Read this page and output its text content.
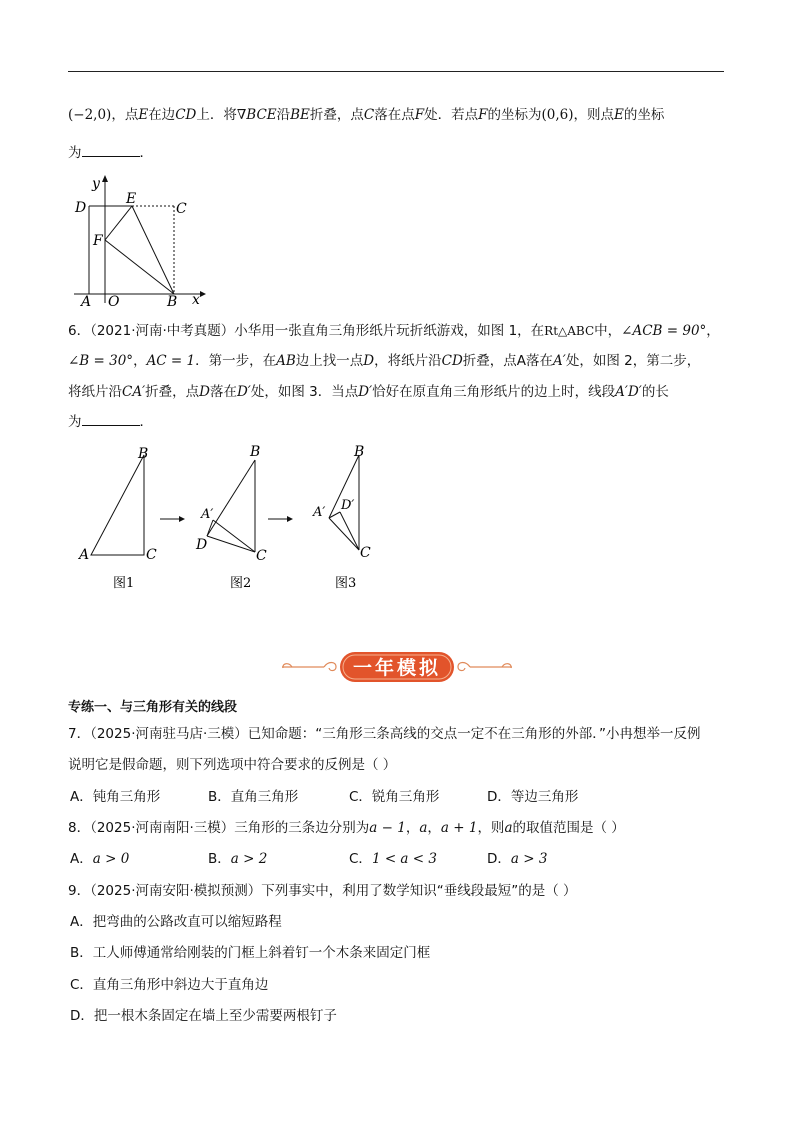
(−2,0)，点E在边CD上．将∇BCE沿BE折叠，点C落在点F处．若点F的坐标为(0,6)，则点E的坐标
为	．
y
D
E
C
F
A O	B x
6．（2021·河南·中考真题）小华用一张直角三角形纸片玩折纸游戏，如图 1，在Rt△ABC中，∠ACB = 90°，
∠B = 30°，AC = 1．第一步，在AB边上找一点D，将纸片沿CD折叠，点A落在A′处，如图 2，第二步，
将纸片沿CA′折叠，点D落在D′处，如图 3．当点D′恰好在原直角三角形纸片的边上时，线段A′D′的长
为	．
B
A	C
图1
B
A′
D
C
图2
B
A′ D′
C
图3
一年模拟
专练一、与三角形有关的线段
7．（2025·河南驻马店·三模）已知命题：“三角形三条高线的交点一定不在三角形的外部．”小冉想举一反例
说明它是假命题，则下列选项中符合要求的反例是（ ）
A．钝角三角形	B．直角三角形	C．锐角三角形	D．等边三角形
8．（2025·河南南阳·三模）三角形的三条边分别为a − 1，a，a + 1，则a的取值范围是（ ）
A．a > 0	B．a > 2	C．1 < a < 3	D．a > 3
9．（2025·河南安阳·模拟预测）下列事实中，利用了数学知识“垂线段最短”的是（ ）
A．把弯曲的公路改直可以缩短路程
B．工人师傅通常给刚装的门框上斜着钉一个木条来固定门框
C．直角三角形中斜边大于直角边
D．把一根木条固定在墙上至少需要两根钉子
